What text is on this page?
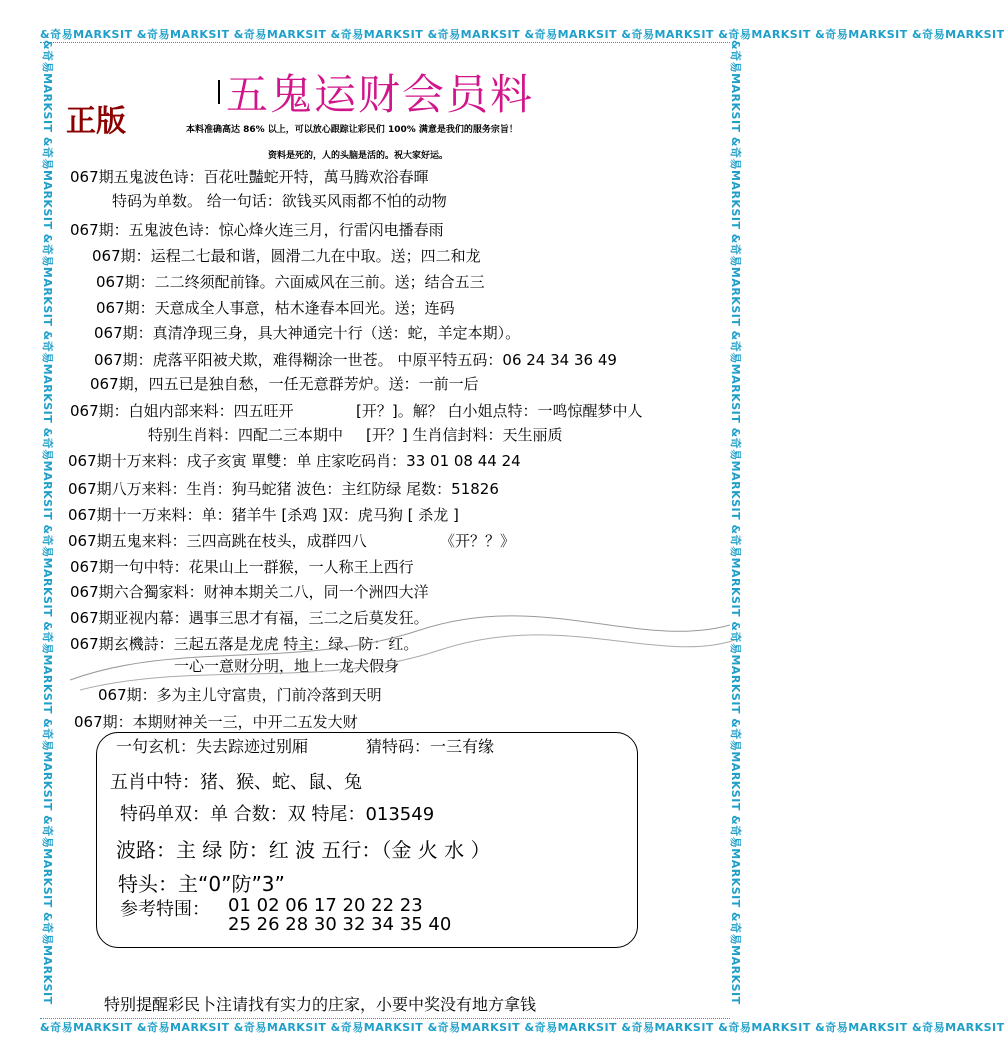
&奇易MARKSIT &奇易MARKSIT &奇易MARKSIT &奇易MARKSIT &奇易MARKSIT &奇易MARKSIT &奇易MARKSIT &奇易MARKSIT &奇易MARKSIT &奇易MARKSIT
&奇易MARKSIT &奇易MARKSIT &奇易MARKSIT &奇易MARKSIT &奇易MARKSIT &奇易MARKSIT &奇易MARKSIT &奇易MARKSIT &奇易MARKSIT &奇易MARKSIT
&奇易MARKSIT &奇易MARKSIT &奇易MARKSIT &奇易MARKSIT &奇易MARKSIT &奇易MARKSIT &奇易MARKSIT &奇易MARKSIT &奇易MARKSIT &奇易MARKSIT	&奇易MARKSIT &奇易MARKSIT &奇易MARKSIT &奇易MARKSIT &奇易MARKSIT &奇易MARKSIT &奇易MARKSIT &奇易MARKSIT &奇易MARKSIT &奇易MARKSIT
五鬼运财会员料
正版	本料准确高达 86% 以上，可以放心跟踪让彩民们 100% 满意是我们的服务宗旨！
资料是死的，人的头脑是活的。祝大家好运。
067期五鬼波色诗：百花吐豔蛇开特，萬马腾欢浴春暉
特码为单数。 给一句话：欲钱买风雨都不怕的动物
067期：五鬼波色诗：惊心烽火连三月，行雷闪电播春雨
067期：运程二七最和谐，圆滑二九在中取。送；四二和龙
067期：二二终须配前锋。六面威风在三前。送；结合五三
067期：天意成全人事意，枯木逢春本回光。送；连码
067期：真清净现三身，具大神通完十行（送：蛇，羊定本期）。
067期：虎落平阳被犬欺，难得糊涂一世苍。 中原平特五码：06 24 34 36 49
067期，四五已是独自愁，一任无意群芳炉。送：一前一后
067期：白姐内部来料：四五旺开	[开？]。解？ 白小姐点特：一鸣惊醒梦中人
特别生肖料：四配二三本期中 [开？] 生肖信封料：天生丽质
067期十万来料：戌子亥寅 單雙：单 庄家吃码肖：33 01 08 44 24
067期八万来料：生肖：狗马蛇猪 波色：主红防绿 尾数：51826
067期十一万来料：单：猪羊牛 [杀鸡 ]双：虎马狗 [ 杀龙 ]
067期五鬼来料：三四高跳在枝头，成群四八	《开？？》
067期一句中特：花果山上一群猴，一人称王上西行
067期六合獨家料：财神本期关二八，同一个洲四大洋
067期亚视内幕：遇事三思才有福，三二之后莫发狂。
067期玄機詩：三起五落是龙虎 特主：绿、防：红。
一心一意财分明，地上一龙犬假身
067期：多为主儿守富贵，门前冷落到天明
067期：本期财神关一三，中开二五发大财
一句玄机：失去踪迹过别厢	猜特码：一三有缘
五肖中特：猪、猴、蛇、鼠、兔
特码单双：单 合数：双 特尾：013549
波路：主 绿 防：红 波 五行：（金 火 水 ）
特头：主“0”防”3”
参考特围： 01 02 06 17 20 22 23
25 26 28 30 32 34 35 40
特别提醒彩民卜注请找有实力的庄家，小要中奖没有地方拿钱
